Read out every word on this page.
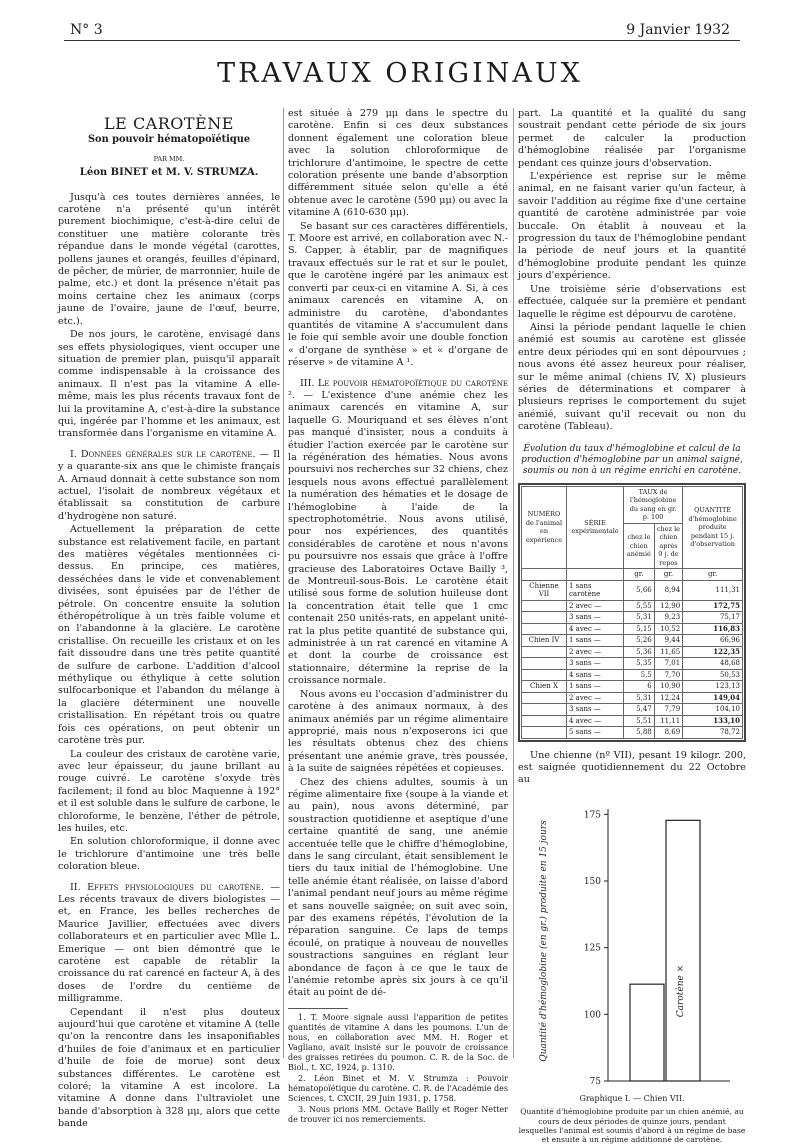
N° 3	9 Janvier 1932
TRAVAUX ORIGINAUX

LE CAROTÈNE

Son pouvoir hématopoïétique

PAR MM.

Léon BINET et M. V. STRUMZA.

Jusqu'à ces toutes dernières années, le carotène n'a présenté qu'un intérêt purement biochimique, c'est-à-dire celui de constituer une matière colorante très répandue dans le monde végétal (carottes, pollens jaunes et orangés, feuilles d'épinard, de pêcher, de mûrier, de marronnier, huile de palme, etc.) et dont la présence n'était pas moins certaine chez les animaux (corps jaune de l'ovaire, jaune de l'œuf, beurre, etc.).

De nos jours, le carotène, envisagé dans ses effets physiologiques, vient occuper une situation de premier plan, puisqu'il apparaît comme indispensable à la croissance des animaux. Il n'est pas la vitamine A elle-même, mais les plus récents travaux font de lui la provitamine A, c'est-à-dire la substance qui, ingérée par l'homme et les animaux, est transformée dans l'organisme en vitamine A.

I. Données générales sur le carotène. — Il y a quarante-six ans que le chimiste français A. Arnaud donnait à cette substance son nom actuel, l'isolait de nombreux végétaux et établissait sa constitution de carbure d'hydrogène non saturé.

Actuellement la préparation de cette substance est relativement facile, en partant des matières végétales mentionnées ci-dessus. En principe, ces matières, desséchées dans le vide et convenablement divisées, sont épuisées par de l'éther de pétrole. On concentre ensuite la solution éthéropétrolique à un très faible volume et on l'abandonne à la glacière. Le carotène cristallise. On recueille les cristaux et on les fait dissoudre dans une très petite quantité de sulfure de carbone. L'addition d'alcool méthylique ou éthylique à cette solution sulfocarbonique et l'abandon du mélange à la glacière déterminent une nouvelle cristallisation. En répétant trois ou quatre fois ces opérations, on peut obtenir un carotène très pur.

La couleur des cristaux de carotène varie, avec leur épaisseur, du jaune brillant au rouge cuivré. Le carotène s'oxyde très facilement; il fond au bloc Maquenne à 192° et il est soluble dans le sulfure de carbone, le chloroforme, le benzène, l'éther de pétrole, les huiles, etc.

En solution chloroformique, il donne avec le trichlorure d'antimoine une très belle coloration bleue.

II. Effets physiologiques du carotène. — Les récents travaux de divers biologistes — et, en France, les belles recherches de Maurice Javillier, effectuées avec divers collaborateurs et en particulier avec Mlle L. Emerique — ont bien démontré que le carotène est capable de rétablir la croissance du rat carencé en facteur A, à des doses de l'ordre du centième de milligramme.

Cependant il n'est plus douteux aujourd'hui que carotène et vitamine A (telle qu'on la rencontre dans les insaponifiables d'huiles de foie d'animaux et en particulier d'huile de foie de morue) sont deux substances différentes. Le carotène est coloré; la vitamine A est incolore. La vitamine A donne dans l'ultraviolet une bande d'absorption à 328 μμ, alors que cette bande

est située à 279 μμ dans le spectre du carotène. Enfin si ces deux substances donnent également une coloration bleue avec la solution chloroformique de trichlorure d'antimoine, le spectre de cette coloration présente une bande d'absorption différemment située selon qu'elle a été obtenue avec le carotène (590 μμ) ou avec la vitamine A (610-630 μμ).

Se basant sur ces caractères différentiels, T. Moore est arrivé, en collaboration avec N.-S. Capper, à établir, par de magnifiques travaux effectués sur le rat et sur le poulet, que le carotène ingéré par les animaux est converti par ceux-ci en vitamine A. Si, à ces animaux carencés en vitamine A, on administre du carotène, d'abondantes quantités de vitamine A s'accumulent dans le foie qui semble avoir une double fonction « d'organe de synthèse » et « d'organe de réserve » de vitamine A ¹.

III. Le pouvoir hématopoïétique du carotène ². — L'existence d'une anémie chez les animaux carencés en vitamine A, sur laquelle G. Mouriquand et ses élèves n'ont pas manqué d'insister, nous a conduits à étudier l'action exercée par le carotène sur la régénération des hématies. Nous avons poursuivi nos recherches sur 32 chiens, chez lesquels nous avons effectué parallèlement la numération des hématies et le dosage de l'hémoglobine à l'aide de la spectrophotométrie. Nous avons utilisé, pour nos expériences, des quantités considérables de carotène et nous n'avons pu poursuivre nos essais que grâce à l'offre gracieuse des Laboratoires Octave Bailly ³, de Montreuil-sous-Bois. Le carotène était utilisé sous forme de solution huileuse dont la concentration était telle que 1 cmc contenait 250 unités-rats, en appelant unité-rat la plus petite quantité de substance qui, administrée à un rat carencé en vitamine A et dont la courbe de croissance est stationnaire, détermine la reprise de la croissance normale.

Nous avons eu l'occasion d'administrer du carotène à des animaux normaux, à des animaux anémiés par un régime alimentaire approprié, mais nous n'exposerons ici que les résultats obtenus chez des chiens présentant une anémie grave, très poussée, à la suite de saignées répétées et copieuses.

Chez des chiens adultes, soumis à un régime alimentaire fixe (soupe à la viande et au pain), nous avons déterminé, par soustraction quotidienne et aseptique d'une certaine quantité de sang, une anémie accentuée telle que le chiffre d'hémoglobine, dans le sang circulant, était sensiblement le tiers du taux initial de l'hémoglobine. Une telle anémie étant réalisée, on laisse d'abord l'animal pendant neuf jours au même régime et sans nouvelle saignée; on suit avec soin, par des examens répétés, l'évolution de la réparation sanguine. Ce laps de temps écoulé, on pratique à nouveau de nouvelles soustractions sanguines en réglant leur abondance de façon à ce que le taux de l'anémie retombe après six jours à ce qu'il était au point de dé-

1. T. Moore signale aussi l'apparition de petites quantités de vitamine A dans les poumons. L'un de nous, en collaboration avec MM. H. Roger et Vagliano, avait insisté sur le pouvoir de croissance des graisses retirées du poumon. C. R. de la Soc. de Biol., t. XC, 1924, p. 1310.

2. Léon Binet et M. V. Strumza : Pouvoir hématopoïétique du carotène. C. R. de l'Académie des Sciences, t. CXCII, 29 Juin 1931, p. 1758.

3. Nous prions MM. Octave Bailly et Roger Netter de trouver ici nos remerciements.

part. La quantité et la qualité du sang soustrait pendant cette période de six jours permet de calculer la production d'hémoglobine réalisée par l'organisme pendant ces quinze jours d'observation.

L'expérience est reprise sur le même animal, en ne faisant varier qu'un facteur, à savoir l'addition au régime fixe d'une certaine quantité de carotène administrée par voie buccale. On établit à nouveau et la progression du taux de l'hémoglobine pendant la période de neuf jours et la quantité d'hémoglobine produite pendant les quinze jours d'expérience.

Une troisième série d'observations est effectuée, calquée sur la première et pendant laquelle le régime est dépourvu de carotène.

Ainsi la période pendant laquelle le chien anémié est soumis au carotène est glissée entre deux périodes qui en sont dépourvues ; nous avons été assez heureux pour réaliser, sur le même animal (chiens IV, X) plusieurs séries de déterminations et comparer à plusieurs reprises le comportement du sujet anémié, suivant qu'il recevait ou non du carotène (Tableau).

Évolution du taux d'hémoglobine et calcul de la production d'hémoglobine par un animal saigné, soumis ou non à un régime enrichi en carotène.

NUMÉRO de l'animal en expérience	SÉRIE expérimentale	TAUX de l'hémoglobine du sang en gr. p. 100		QUANTITÉ d'hémoglobine produite pendant 15 j. d'observation
		chez le chien anémié	chez le chien après 9 j. de repos	
		gr.	gr.	gr.
Chienne VII	1 sans carotène	5,66	8,94	111,31
	2 avec —	5,55	12,90	172,75
	3 sans —	5,31	9,23	75,17
	4 avec —	5,15	10,52	116,83
Chien IV	1 sans —	5,26	9,44	66,96
	2 avec —	5,36	11,65	122,35
	3 sans —	5,35	7,01	48,68
	4 sans —	5,5	7,70	50,53
Chien X	1 sans —	6	10,90	123,13
	2 avec —	5,31	12,24	149,04
	3 sans —	5,47	7,79	104,10
	4 avec —	5,51	11,11	133,10
	5 sans —	5,88	8,69	78,72

Une chienne (nº VII), pesant 19 kilogr. 200, est saignée quotidiennement du 22 Octobre au

Quantité d'hémoglobine (en gr.) produite en 15 jours
75
100
125
150
175
Carotène ×

Graphique I. — Chien VII.

Quantité d'hémoglobine produite par un chien anémié, au cours de deux périodes de quinze jours, pendant lesquelles l'animal est soumis d'abord à un régime de base et ensuite à un régime additionné de carotène.
